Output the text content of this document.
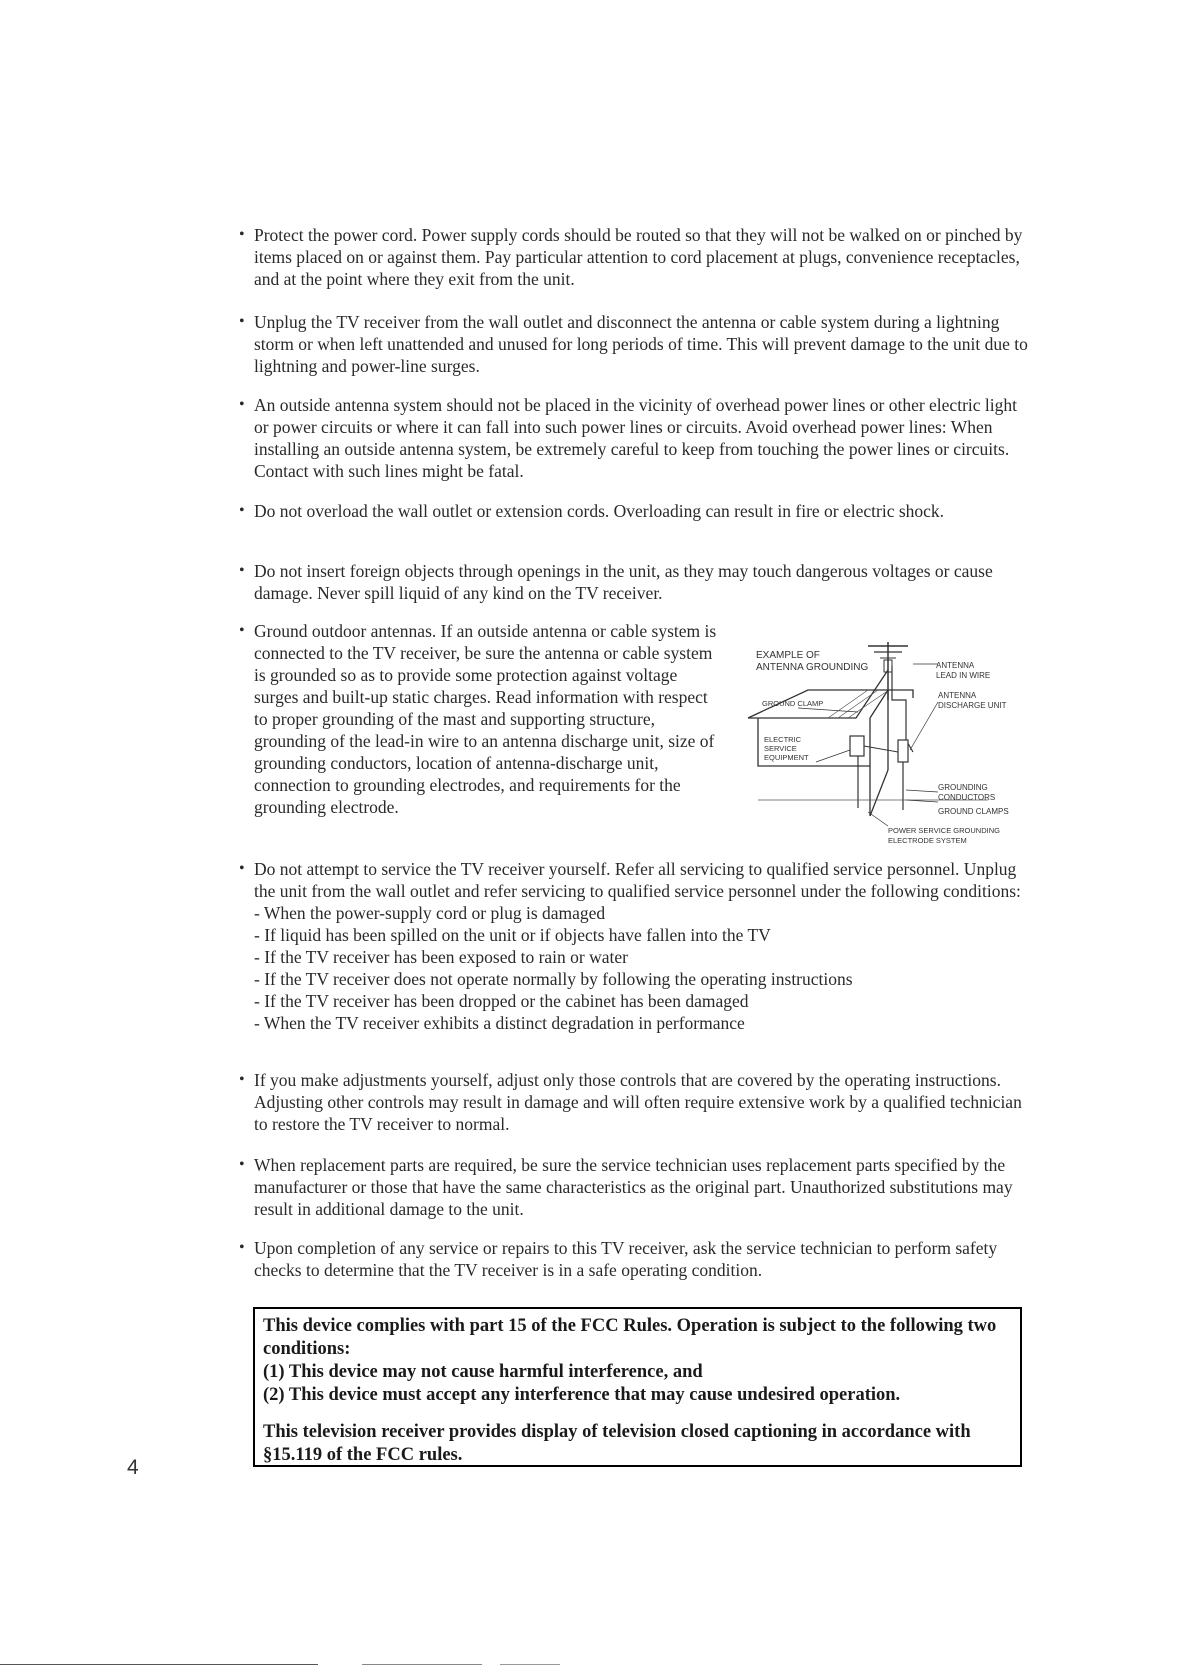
• Protect the power cord. Power supply cords should be routed so that they will not be walked on or pinched by items placed on or against them. Pay particular attention to cord placement at plugs, convenience receptacles, and at the point where they exit from the unit.

• Unplug the TV receiver from the wall outlet and disconnect the antenna or cable system during a lightning storm or when left unattended and unused for long periods of time. This will prevent damage to the unit due to lightning and power-line surges.

• An outside antenna system should not be placed in the vicinity of overhead power lines or other electric light or power circuits or where it can fall into such power lines or circuits. Avoid overhead power lines: When installing an outside antenna system, be extremely careful to keep from touching the power lines or circuits. Contact with such lines might be fatal.

• Do not overload the wall outlet or extension cords. Overloading can result in fire or electric shock.

• Do not insert foreign objects through openings in the unit, as they may touch dangerous voltages or cause damage. Never spill liquid of any kind on the TV receiver.

• Ground outdoor antennas. If an outside antenna or cable system is connected to the TV receiver, be sure the antenna or cable system is grounded so as to provide some protection against voltage surges and built-up static charges. Read information with respect to proper grounding of the mast and supporting structure, grounding of the lead-in wire to an antenna discharge unit, size of grounding conductors, location of antenna-discharge unit, connection to grounding electrodes, and requirements for the grounding electrode.

EXAMPLE OF
ANTENNA GROUNDING	ANTENNA
LEAD IN WIRE
GROUND CLAMP
ANTENNA
DISCHARGE UNIT
ELECTRIC
SERVICE
EQUIPMENT
GROUNDING
CONDUCTORS
GROUND CLAMPS
POWER SERVICE GROUNDING
ELECTRODE SYSTEM
• Do not attempt to service the TV receiver yourself. Refer all servicing to qualified service personnel. Unplug the unit from the wall outlet and refer servicing to qualified service personnel under the following conditions:

- When the power-supply cord or plug is damaged

- If liquid has been spilled on the unit or if objects have fallen into the TV

- If the TV receiver has been exposed to rain or water

- If the TV receiver does not operate normally by following the operating instructions

- If the TV receiver has been dropped or the cabinet has been damaged

- When the TV receiver exhibits a distinct degradation in performance

• If you make adjustments yourself, adjust only those controls that are covered by the operating instructions. Adjusting other controls may result in damage and will often require extensive work by a qualified technician to restore the TV receiver to normal.

• When replacement parts are required, be sure the service technician uses replacement parts specified by the manufacturer or those that have the same characteristics as the original part. Unauthorized substitutions may result in additional damage to the unit.

• Upon completion of any service or repairs to this TV receiver, ask the service technician to perform safety checks to determine that the TV receiver is in a safe operating condition.

This device complies with part 15 of the FCC Rules. Operation is subject to the following two conditions:

(1) This device may not cause harmful interference, and

(2) This device must accept any interference that may cause undesired operation.

This television receiver provides display of television closed captioning in accordance with §15.119 of the FCC rules.

4
